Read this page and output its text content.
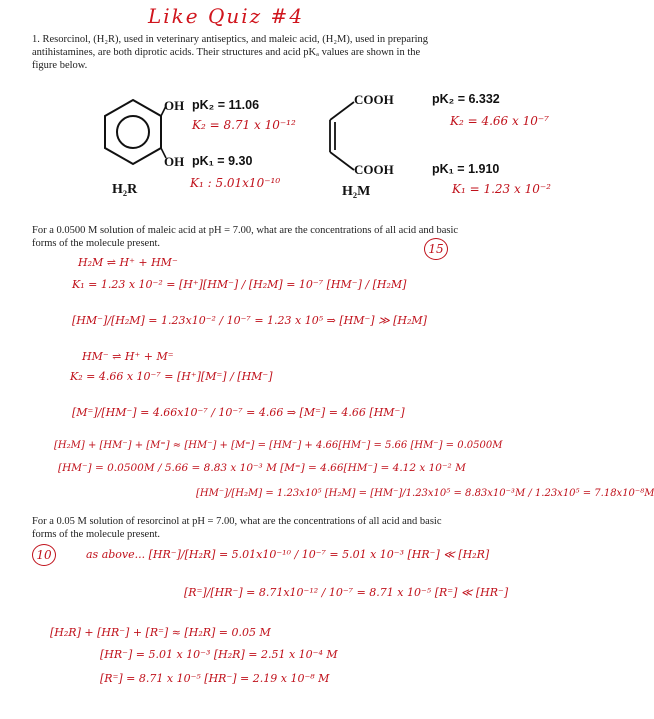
Like Quiz #4
1. Resorcinol, (H₂R), used in veterinary antiseptics, and maleic acid, (H₂M), used in preparing
antihistamines, are both diprotic acids. Their structures and acid pKₐ values are shown in the
figure below.
OH
OH
pK₂ = 11.06
pK₁ = 9.30
K₂ = 8.71 x 10⁻¹²
K₁ : 5.01x10⁻¹⁰
H₂R
COOH
COOH
pK₂ = 6.332
pK₁ = 1.910
K₂ = 4.66 x 10⁻⁷
K₁ = 1.23 x 10⁻²
H₂M
For a 0.0500 M solution of maleic acid at pH = 7.00, what are the concentrations of all acid and basic
forms of the molecule present.	15
H₂M ⇌ H⁺ + HM⁻
K₁ = 1.23 x 10⁻² = [H⁺][HM⁻] / [H₂M] = 10⁻⁷ [HM⁻] / [H₂M]
[HM⁻]/[H₂M] = 1.23x10⁻² / 10⁻⁷ = 1.23 x 10⁵ ⇒ [HM⁻] ≫ [H₂M]
HM⁻ ⇌ H⁺ + M⁼
K₂ = 4.66 x 10⁻⁷ = [H⁺][M⁼] / [HM⁻]
[M⁼]/[HM⁻] = 4.66x10⁻⁷ / 10⁻⁷ = 4.66 ⇒ [M⁼] = 4.66 [HM⁻]
[H₂M] + [HM⁻] + [M⁼] ≈ [HM⁻] + [M⁼] = [HM⁻] + 4.66[HM⁻] = 5.66 [HM⁻] = 0.0500M
[HM⁻] = 0.0500M / 5.66 = 8.83 x 10⁻³ M [M⁼] = 4.66[HM⁻] = 4.12 x 10⁻² M
[HM⁻]/[H₂M] = 1.23x10⁵ [H₂M] = [HM⁻]/1.23x10⁵ = 8.83x10⁻³M / 1.23x10⁵ = 7.18x10⁻⁸M
For a 0.05 M solution of resorcinol at pH = 7.00, what are the concentrations of all acid and basic
forms of the molecule present.
10	as above... [HR⁻]/[H₂R] = 5.01x10⁻¹⁰ / 10⁻⁷ = 5.01 x 10⁻³ [HR⁻] ≪ [H₂R]
[R⁼]/[HR⁻] = 8.71x10⁻¹² / 10⁻⁷ = 8.71 x 10⁻⁵ [R⁼] ≪ [HR⁻]
[H₂R] + [HR⁻] + [R⁼] ≈ [H₂R] = 0.05 M
[HR⁻] = 5.01 x 10⁻³ [H₂R] = 2.51 x 10⁻⁴ M
[R⁼] = 8.71 x 10⁻⁵ [HR⁻] = 2.19 x 10⁻⁸ M
